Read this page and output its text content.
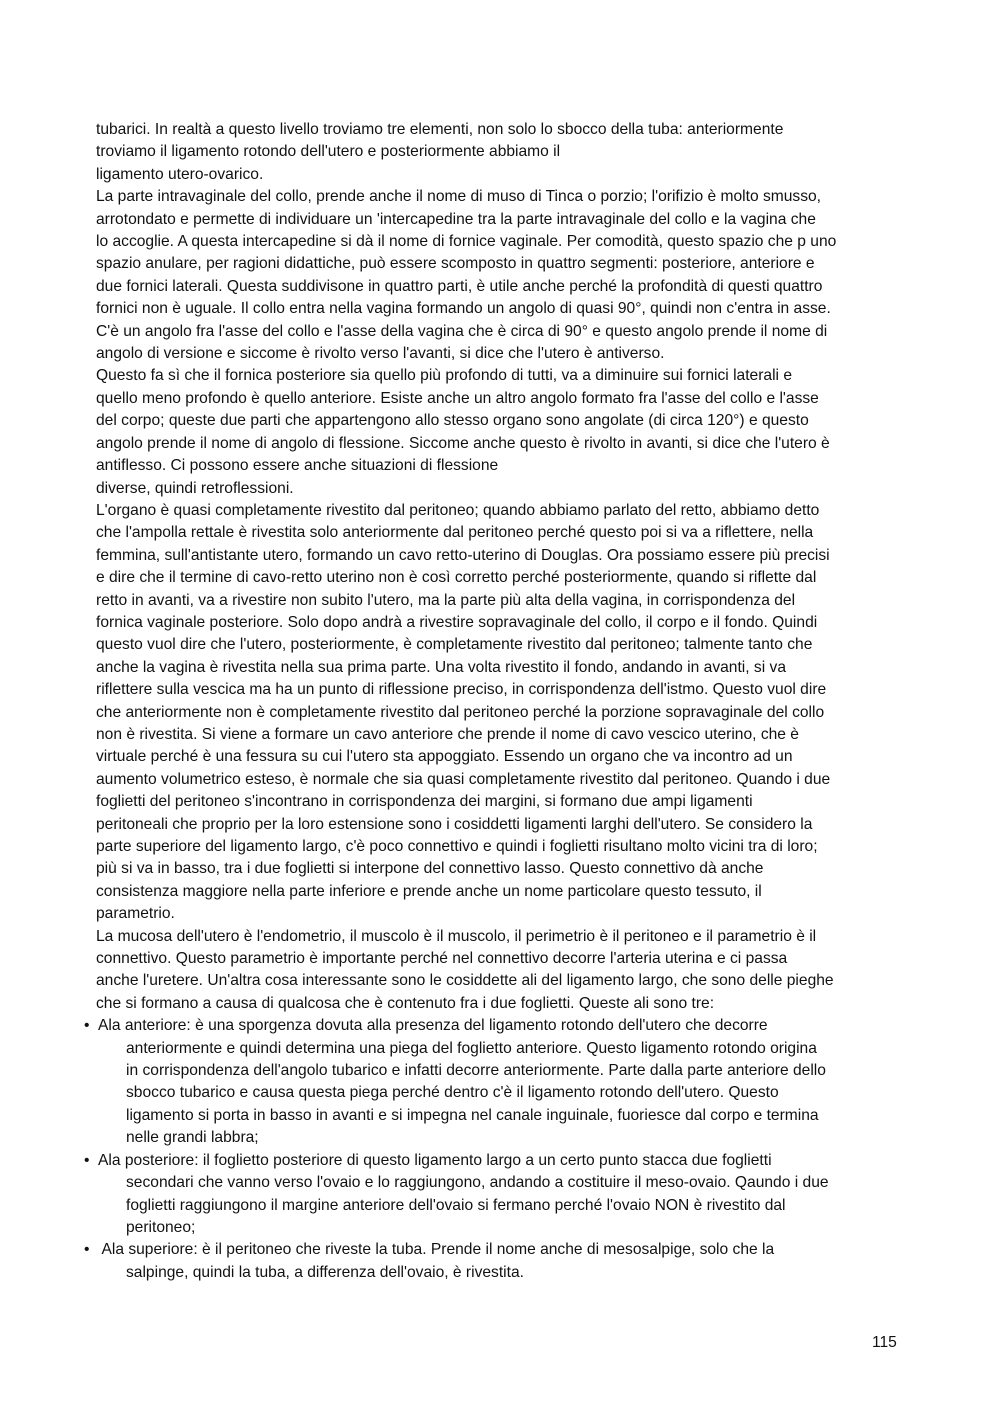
tubarici. In realtà a questo livello troviamo tre elementi, non solo lo sbocco della tuba: anteriormente
troviamo il ligamento rotondo dell'utero e posteriormente abbiamo il
ligamento utero-ovarico.
La parte intravaginale del collo, prende anche il nome di muso di Tinca o porzio; l'orifizio è molto smusso,
arrotondato e permette di individuare un 'intercapedine tra la parte intravaginale del collo e la vagina che
lo accoglie. A questa intercapedine si dà il nome di fornice vaginale. Per comodità, questo spazio che p uno
spazio anulare, per ragioni didattiche, può essere scomposto in quattro segmenti: posteriore, anteriore e
due fornici laterali. Questa suddivisone in quattro parti, è utile anche perché la profondità di questi quattro
fornici non è uguale. Il collo entra nella vagina formando un angolo di quasi 90°, quindi non c'entra in asse.
C'è un angolo fra l'asse del collo e l'asse della vagina che è circa di 90° e questo angolo prende il nome di
angolo di versione e siccome è rivolto verso l'avanti, si dice che l'utero è antiverso.
Questo fa sì che il fornica posteriore sia quello più profondo di tutti, va a diminuire sui fornici laterali e
quello meno profondo è quello anteriore. Esiste anche un altro angolo formato fra l'asse del collo e l'asse
del corpo; queste due parti che appartengono allo stesso organo sono angolate (di circa 120°) e questo
angolo prende il nome di angolo di flessione. Siccome anche questo è rivolto in avanti, si dice che l'utero è
antiflesso. Ci possono essere anche situazioni di flessione
diverse, quindi retroflessioni.
L'organo è quasi completamente rivestito dal peritoneo; quando abbiamo parlato del retto, abbiamo detto
che l'ampolla rettale è rivestita solo anteriormente dal peritoneo perché questo poi si va a riflettere, nella
femmina, sull'antistante utero, formando un cavo retto-uterino di Douglas. Ora possiamo essere più precisi
e dire che il termine di cavo-retto uterino non è così corretto perché posteriormente, quando si riflette dal
retto in avanti, va a rivestire non subito l'utero, ma la parte più alta della vagina, in corrispondenza del
fornica vaginale posteriore. Solo dopo andrà a rivestire sopravaginale del collo, il corpo e il fondo. Quindi
questo vuol dire che l'utero, posteriormente, è completamente rivestito dal peritoneo; talmente tanto che
anche la vagina è rivestita nella sua prima parte. Una volta rivestito il fondo, andando in avanti, si va
riflettere sulla vescica ma ha un punto di riflessione preciso, in corrispondenza dell'istmo. Questo vuol dire
che anteriormente non è completamente rivestito dal peritoneo perché la porzione sopravaginale del collo
non è rivestita. Si viene a formare un cavo anteriore che prende il nome di cavo vescico uterino, che è
virtuale perché è una fessura su cui l'utero sta appoggiato. Essendo un organo che va incontro ad un
aumento volumetrico esteso, è normale che sia quasi completamente rivestito dal peritoneo. Quando i due
foglietti del peritoneo s'incontrano in corrispondenza dei margini, si formano due ampi ligamenti
peritoneali che proprio per la loro estensione sono i cosiddetti ligamenti larghi dell'utero. Se considero la
parte superiore del ligamento largo, c'è poco connettivo e quindi i foglietti risultano molto vicini tra di loro;
più si va in basso, tra i due foglietti si interpone del connettivo lasso. Questo connettivo dà anche
consistenza maggiore nella parte inferiore e prende anche un nome particolare questo tessuto, il
parametrio.
La mucosa dell'utero è l'endometrio, il muscolo è il muscolo, il perimetrio è il peritoneo e il parametrio è il
connettivo. Questo parametrio è importante perché nel connettivo decorre l'arteria uterina e ci passa
anche l'uretere. Un'altra cosa interessante sono le cosiddette ali del ligamento largo, che sono delle pieghe
che si formano a causa di qualcosa che è contenuto fra i due foglietti. Queste ali sono tre:
• Ala anteriore: è una sporgenza dovuta alla presenza del ligamento rotondo dell'utero che decorre
anteriormente e quindi determina una piega del foglietto anteriore. Questo ligamento rotondo origina
in corrispondenza dell'angolo tubarico e infatti decorre anteriormente. Parte dalla parte anteriore dello
sbocco tubarico e causa questa piega perché dentro c'è il ligamento rotondo dell'utero. Questo
ligamento si porta in basso in avanti e si impegna nel canale inguinale, fuoriesce dal corpo e termina
nelle grandi labbra;
• Ala posteriore: il foglietto posteriore di questo ligamento largo a un certo punto stacca due foglietti
secondari che vanno verso l'ovaio e lo raggiungono, andando a costituire il meso-ovaio. Qaundo i due
foglietti raggiungono il margine anteriore dell'ovaio si fermano perché l'ovaio NON è rivestito dal
peritoneo;
• Ala superiore: è il peritoneo che riveste la tuba. Prende il nome anche di mesosalpige, solo che la
salpinge, quindi la tuba, a differenza dell'ovaio, è rivestita.
115
